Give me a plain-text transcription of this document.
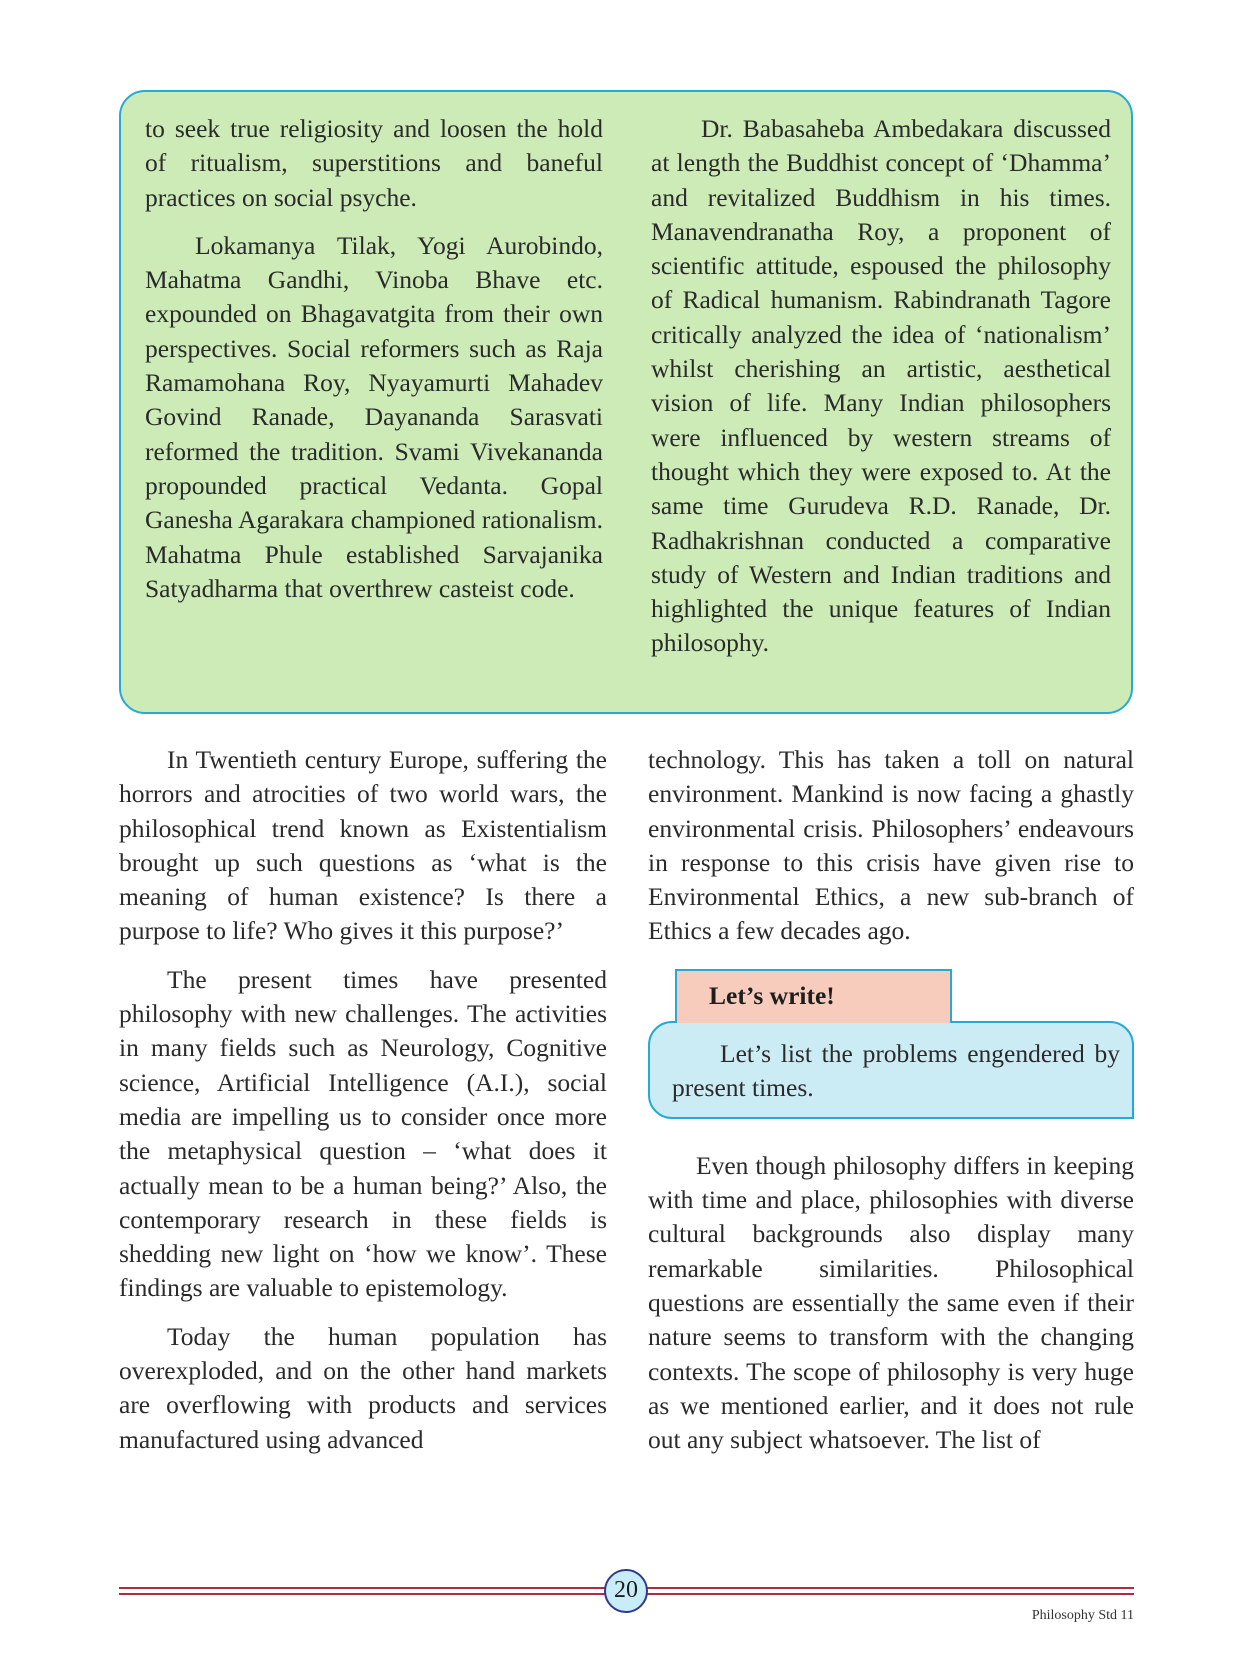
to seek true religiosity and loosen the hold of ritualism, superstitions and baneful practices on social psyche.

Lokamanya Tilak, Yogi Aurobindo, Mahatma Gandhi, Vinoba Bhave etc. expounded on Bhagavatgita from their own perspectives. Social reformers such as Raja Ramamohana Roy, Nyayamurti Mahadev Govind Ranade, Dayananda Sarasvati reformed the tradition. Svami Vivekananda propounded practical Vedanta. Gopal Ganesha Agarakara championed rationalism. Mahatma Phule established Sarvajanika Satyadharma that overthrew casteist code.

Dr. Babasaheba Ambedakara discussed at length the Buddhist concept of ‘Dhamma’ and revitalized Buddhism in his times. Manavendranatha Roy, a proponent of scientific attitude, espoused the philosophy of Radical humanism. Rabindranath Tagore critically analyzed the idea of ‘nationalism’ whilst cherishing an artistic, aesthetical vision of life. Many Indian philosophers were influenced by western streams of thought which they were exposed to. At the same time Gurudeva R.D. Ranade, Dr. Radhakrishnan conducted a comparative study of Western and Indian traditions and highlighted the unique features of Indian philosophy.

In Twentieth century Europe, suffering the horrors and atrocities of two world wars, the philosophical trend known as Existentialism brought up such questions as ‘what is the meaning of human existence? Is there a purpose to life? Who gives it this purpose?’

The present times have presented philosophy with new challenges. The activities in many fields such as Neurology, Cognitive science, Artificial Intelligence (A.I.), social media are impelling us to consider once more the metaphysical question – ‘what does it actually mean to be a human being?’ Also, the contemporary research in these fields is shedding new light on ‘how we know’. These findings are valuable to epistemology.

Today the human population has overexploded, and on the other hand markets are overflowing with products and services manufactured using advanced

technology. This has taken a toll on natural environment. Mankind is now facing a ghastly environmental crisis. Philosophers’ endeavours in response to this crisis have given rise to Environmental Ethics, a new sub-branch of Ethics a few decades ago.

Let’s write!

Let’s list the problems engendered by present times.

Even though philosophy differs in keeping with time and place, philosophies with diverse cultural backgrounds also display many remarkable similarities. Philosophical questions are essentially the same even if their nature seems to transform with the changing contexts. The scope of philosophy is very huge as we mentioned earlier, and it does not rule out any subject whatsoever. The list of

20
Philosophy Std 11
